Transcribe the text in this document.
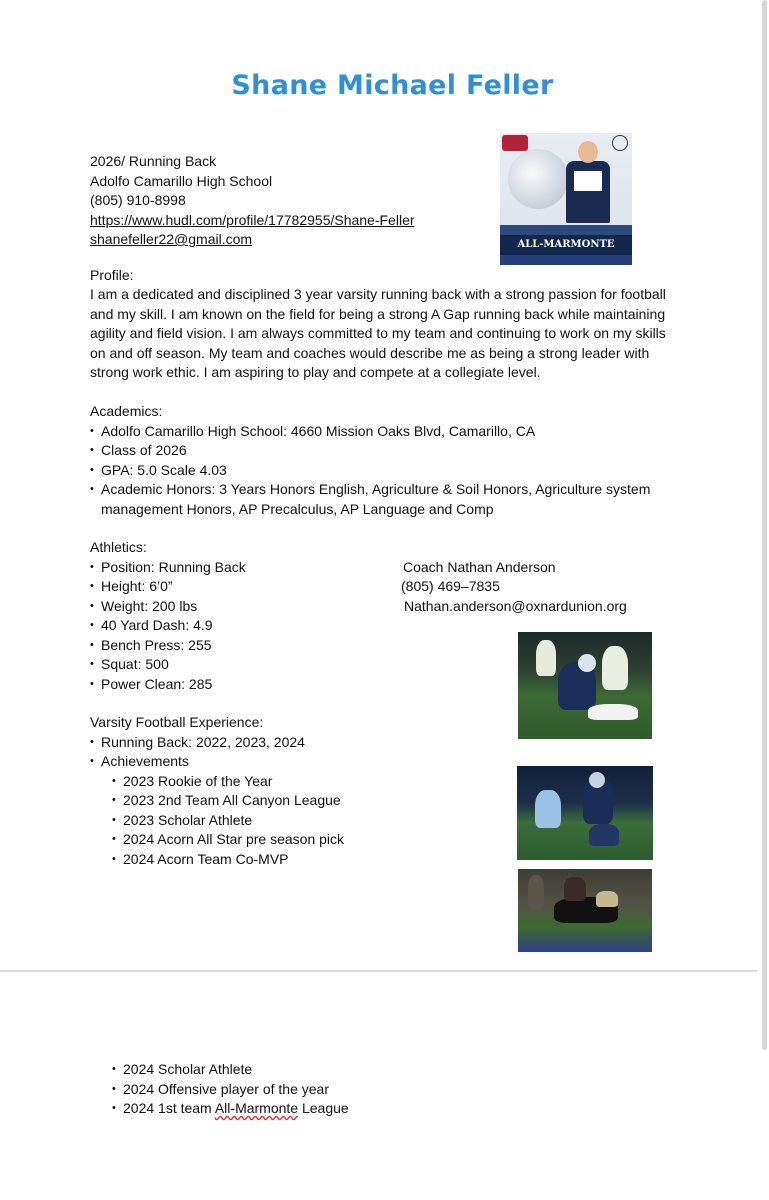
Shane Michael Feller
2026/ Running Back
Adolfo Camarillo High School
(805) 910-8998
https://www.hudl.com/profile/17782955/Shane-Feller
shanefeller22@gmail.com	ALL-MARMONTE
Profile:
I am a dedicated and disciplined 3 year varsity running back with a strong passion for football and my skill. I am known on the field for being a strong A Gap running back while maintaining agility and field vision. I am always committed to my team and continuing to work on my skills on and off season. My team and coaches would describe me as being a strong leader with strong work ethic. I am aspiring to play and compete at a collegiate level.
Academics:
• Adolfo Camarillo High School: 4660 Mission Oaks Blvd, Camarillo, CA
• Class of 2026
• GPA: 5.0 Scale 4.03
• Academic Honors: 3 Years Honors English, Agriculture & Soil Honors, Agriculture system management Honors, AP Precalculus, AP Language and Comp
Athletics:
• Position: Running Back
• Height: 6’0”
• Weight: 200 lbs
• 40 Yard Dash: 4.9
• Bench Press: 255
• Squat: 500
• Power Clean: 285
Coach Nathan Anderson
(805) 469–7835
Nathan.anderson@oxnardunion.org
Varsity Football Experience:
• Running Back: 2022, 2023, 2024
• Achievements
• 2023 Rookie of the Year
• 2023 2nd Team All Canyon League
• 2023 Scholar Athlete
• 2024 Acorn All Star pre season pick
• 2024 Acorn Team Co-MVP
• 2024 Scholar Athlete
• 2024 Offensive player of the year
• 2024 1st team All-Marmonte League
